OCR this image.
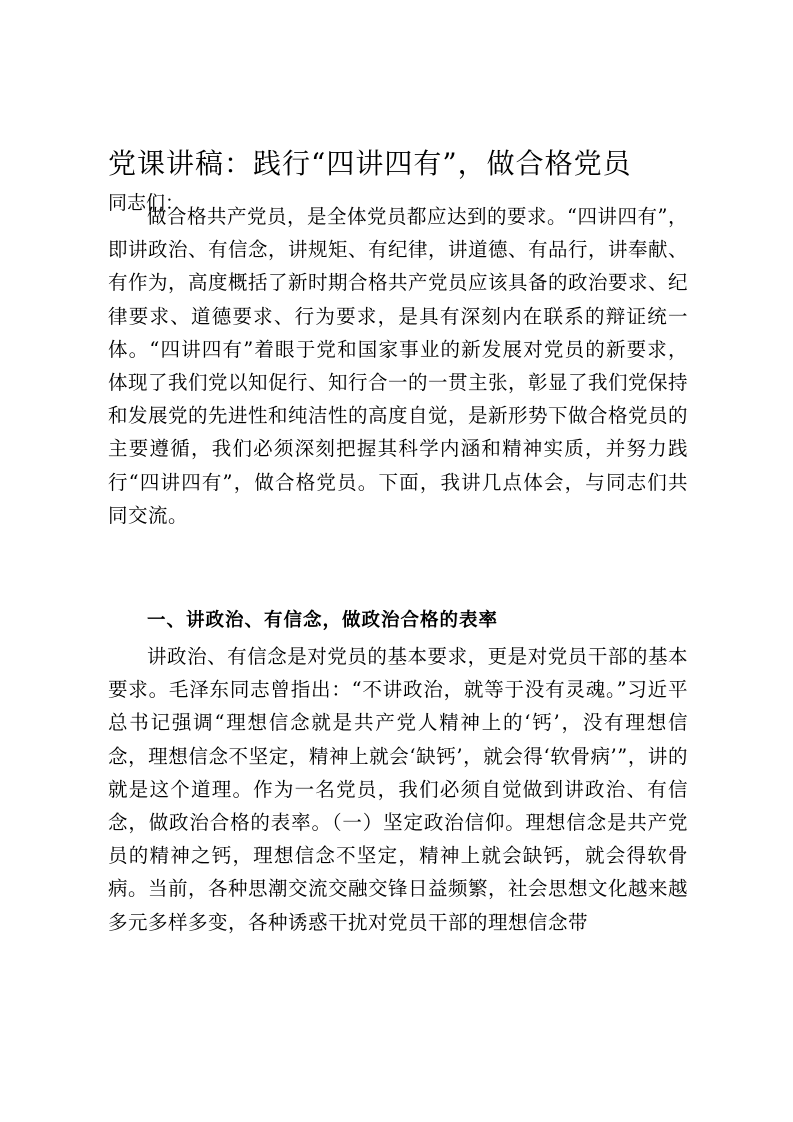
党课讲稿：践行“四讲四有”，做合格党员

同志们：

做合格共产党员，是全体党员都应达到的要求。“四讲四有”，即讲政治、有信念，讲规矩、有纪律，讲道德、有品行，讲奉献、有作为，高度概括了新时期合格共产党员应该具备的政治要求、纪律要求、道德要求、行为要求，是具有深刻内在联系的辩证统一体。“四讲四有”着眼于党和国家事业的新发展对党员的新要求，体现了我们党以知促行、知行合一的一贯主张，彰显了我们党保持和发展党的先进性和纯洁性的高度自觉，是新形势下做合格党员的主要遵循，我们必须深刻把握其科学内涵和精神实质，并努力践行“四讲四有”，做合格党员。下面，我讲几点体会，与同志们共同交流。

一、讲政治、有信念，做政治合格的表率

讲政治、有信念是对党员的基本要求，更是对党员干部的基本要求。毛泽东同志曾指出：“不讲政治，就等于没有灵魂。”习近平总书记强调“理想信念就是共产党人精神上的‘钙’，没有理想信念，理想信念不坚定，精神上就会‘缺钙’，就会得‘软骨病’”，讲的就是这个道理。作为一名党员，我们必须自觉做到讲政治、有信念，做政治合格的表率。（一）坚定政治信仰。理想信念是共产党员的精神之钙，理想信念不坚定，精神上就会缺钙，就会得软骨病。当前，各种思潮交流交融交锋日益频繁，社会思想文化越来越多元多样多变，各种诱惑干扰对党员干部的理想信念带
